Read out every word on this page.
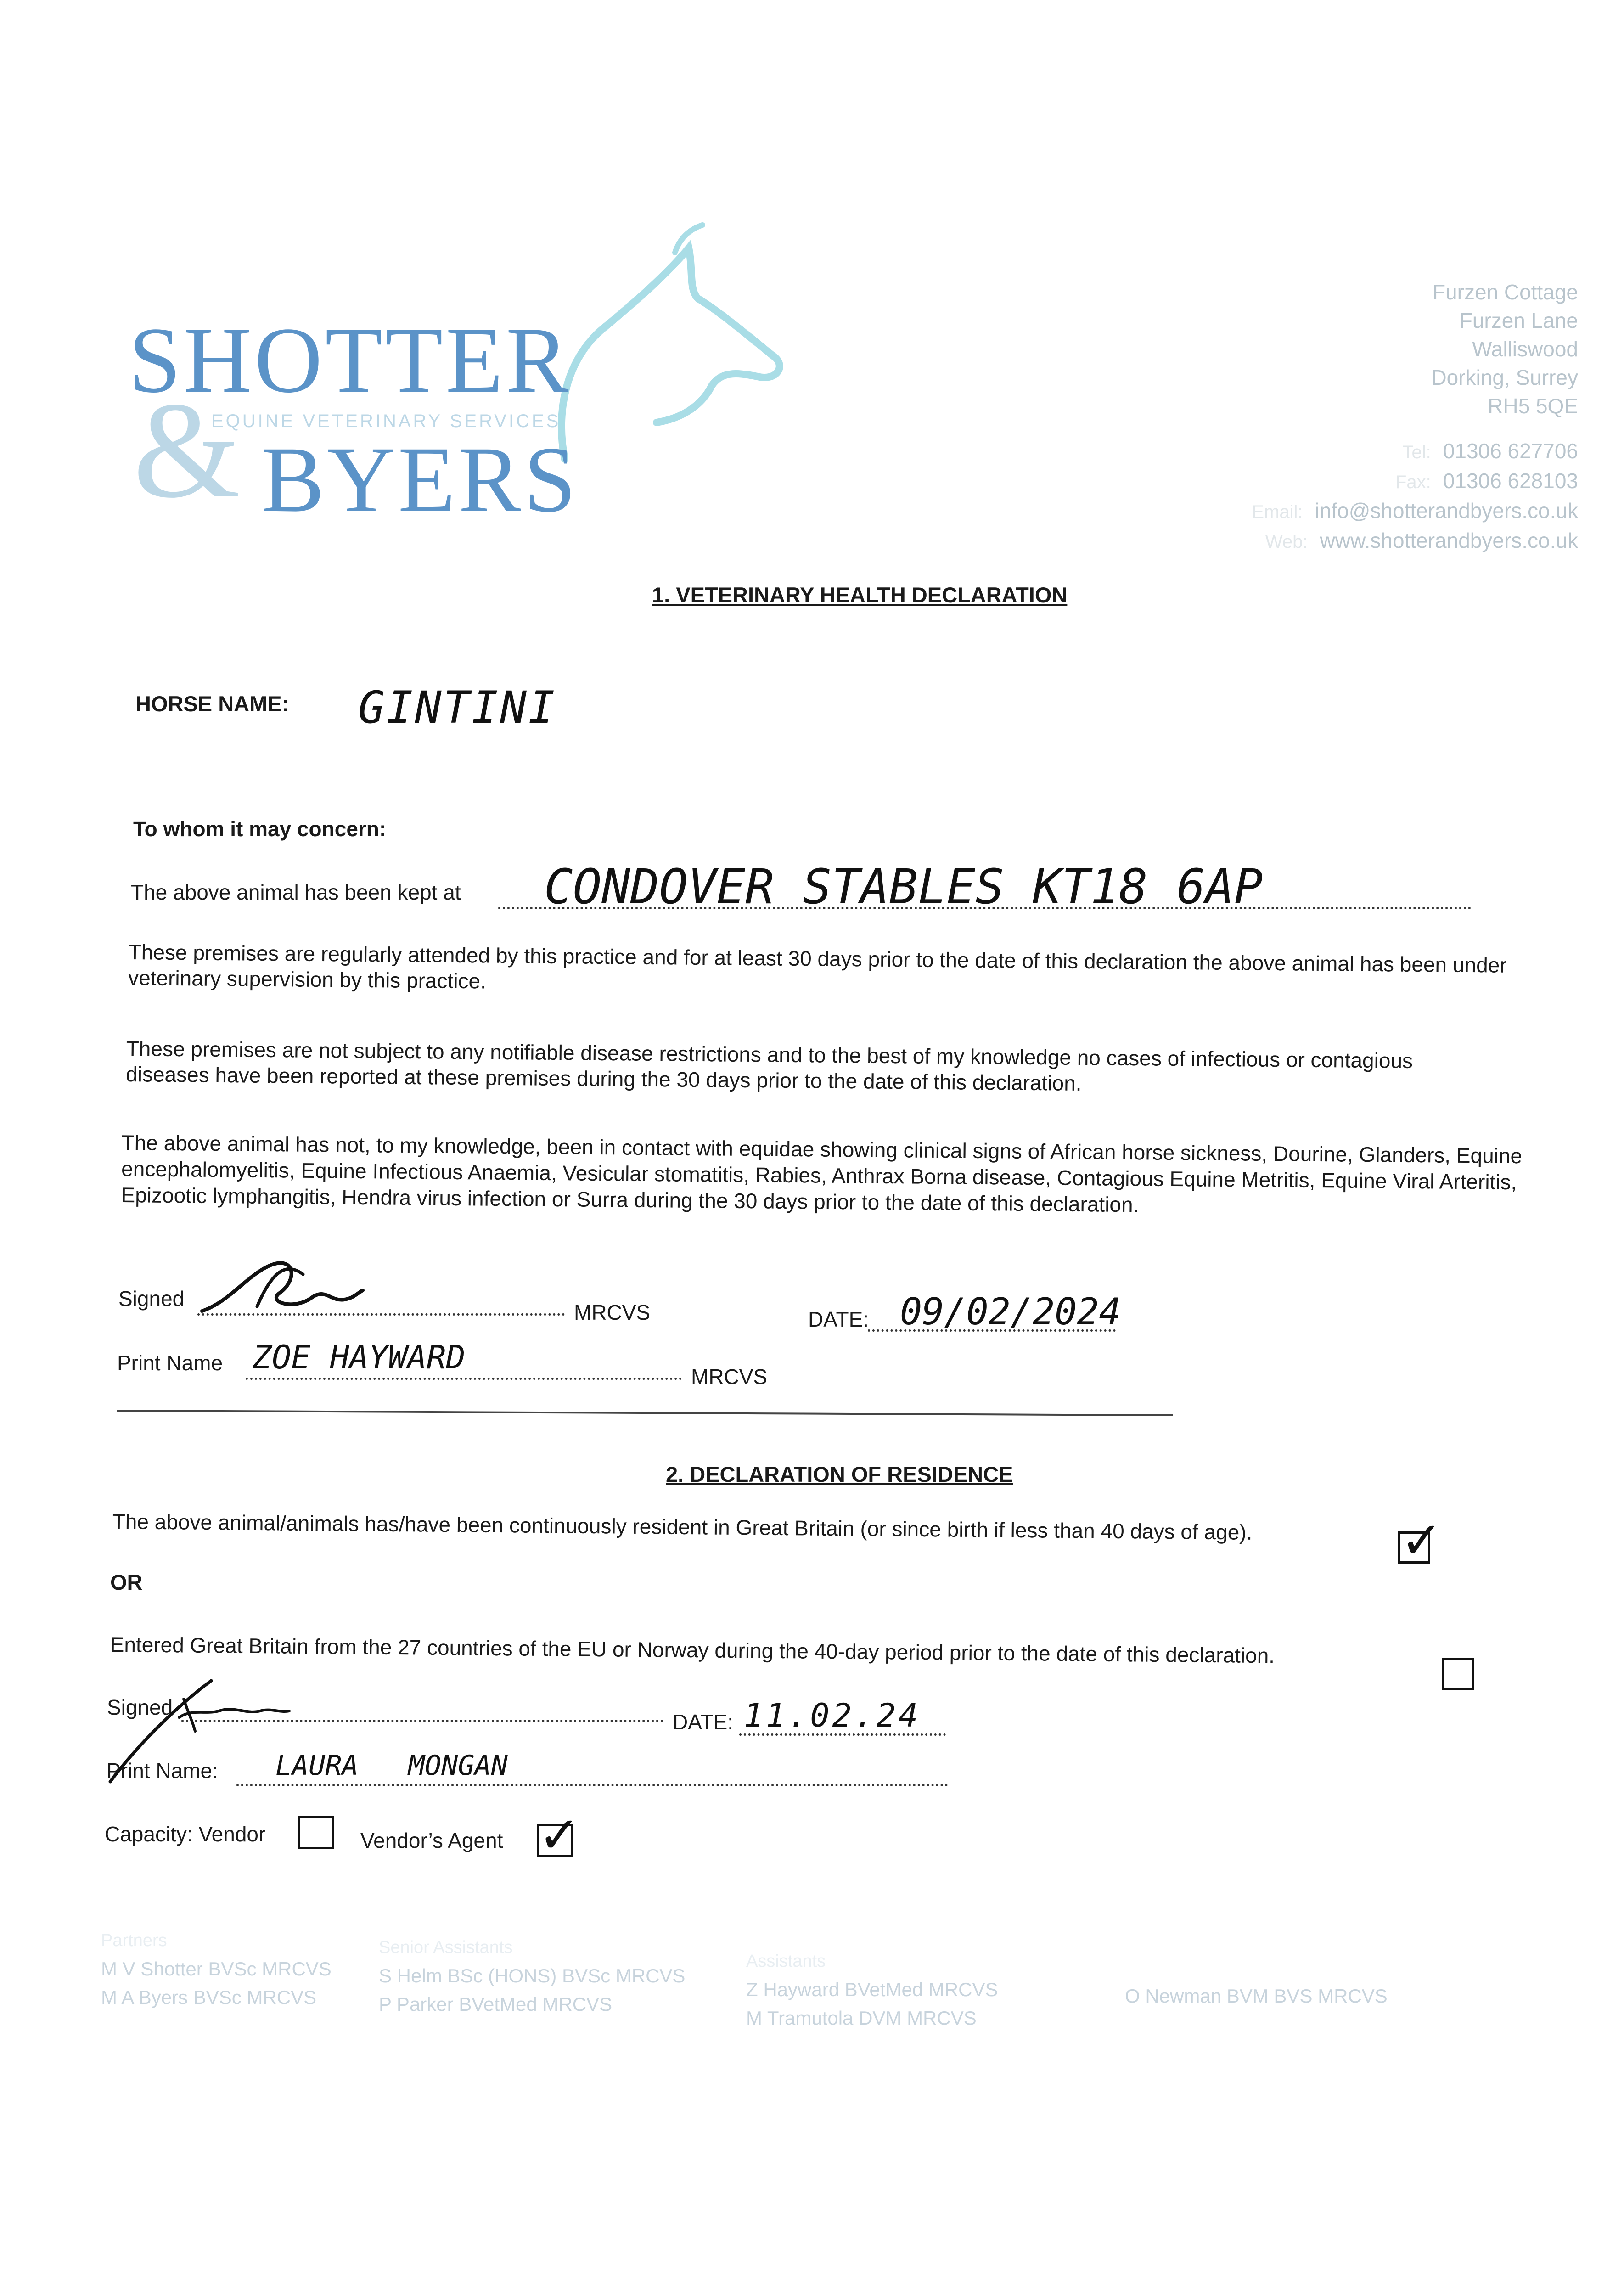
&
SHOTTER
EQUINE VETERINARY SERVICES
BYERS
Furzen Cottage
Furzen Lane
Walliswood
Dorking, Surrey
RH5 5QE
Tel: 01306 627706
Fax: 01306 628103
Email: info@shotterandbyers.co.uk
Web: www.shotterandbyers.co.uk
1. VETERINARY HEALTH DECLARATION
HORSE NAME: GINTINI
To whom it may concern:
The above animal has been kept at CONDOVER STABLES KT18 6AP
These premises are regularly attended by this practice and for at least 30 days prior to the date of this declaration the above animal has been under veterinary supervision by this practice.
These premises are not subject to any notifiable disease restrictions and to the best of my knowledge no cases of infectious or contagious diseases have been reported at these premises during the 30 days prior to the date of this declaration.
The above animal has not, to my knowledge, been in contact with equidae showing clinical signs of African horse sickness, Dourine, Glanders, Equine encephalomyelitis, Equine Infectious Anaemia, Vesicular stomatitis, Rabies, Anthrax Borna disease, Contagious Equine Metritis, Equine Viral Arteritis, Epizootic lymphangitis, Hendra virus infection or Surra during the 30 days prior to the date of this declaration.
Signed
MRCVS	DATE: 09/02/2024
Print Name ZOE HAYWARD
MRCVS
2. DECLARATION OF RESIDENCE
The above animal/animals has/have been continuously resident in Great Britain (or since birth if less than 40 days of age).	✓
OR
Entered Great Britain from the 27 countries of the EU or Norway during the 40-day period prior to the date of this declaration.
Signed
DATE: 11.02.24
Print Name: LAURA   MONGAN
Capacity: Vendor	Vendor’s Agent ✓
Partners
M V Shotter BVSc MRCVS
M A Byers BVSc MRCVS
Senior Assistants
S Helm BSc (HONS) BVSc MRCVS
P Parker BVetMed MRCVS
Assistants
Z Hayward BVetMed MRCVS
M Tramutola DVM MRCVS
O Newman BVM BVS MRCVS
